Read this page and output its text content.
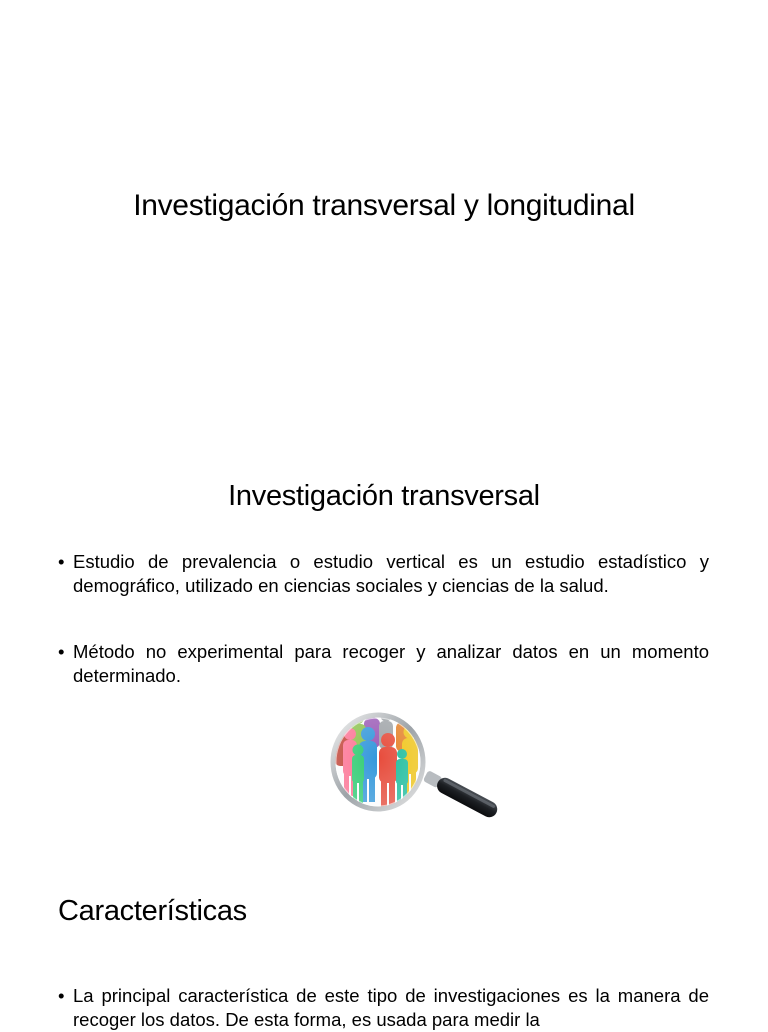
Investigación transversal y longitudinal
Investigación transversal
• Estudio de prevalencia o estudio vertical es un estudio estadístico y demográfico, utilizado en ciencias sociales y ciencias de la salud.
• Método no experimental para recoger y analizar datos en un momento determinado.
Características
• La principal característica de este tipo de investigaciones es la manera de recoger los datos. De esta forma, es usada para medir la
